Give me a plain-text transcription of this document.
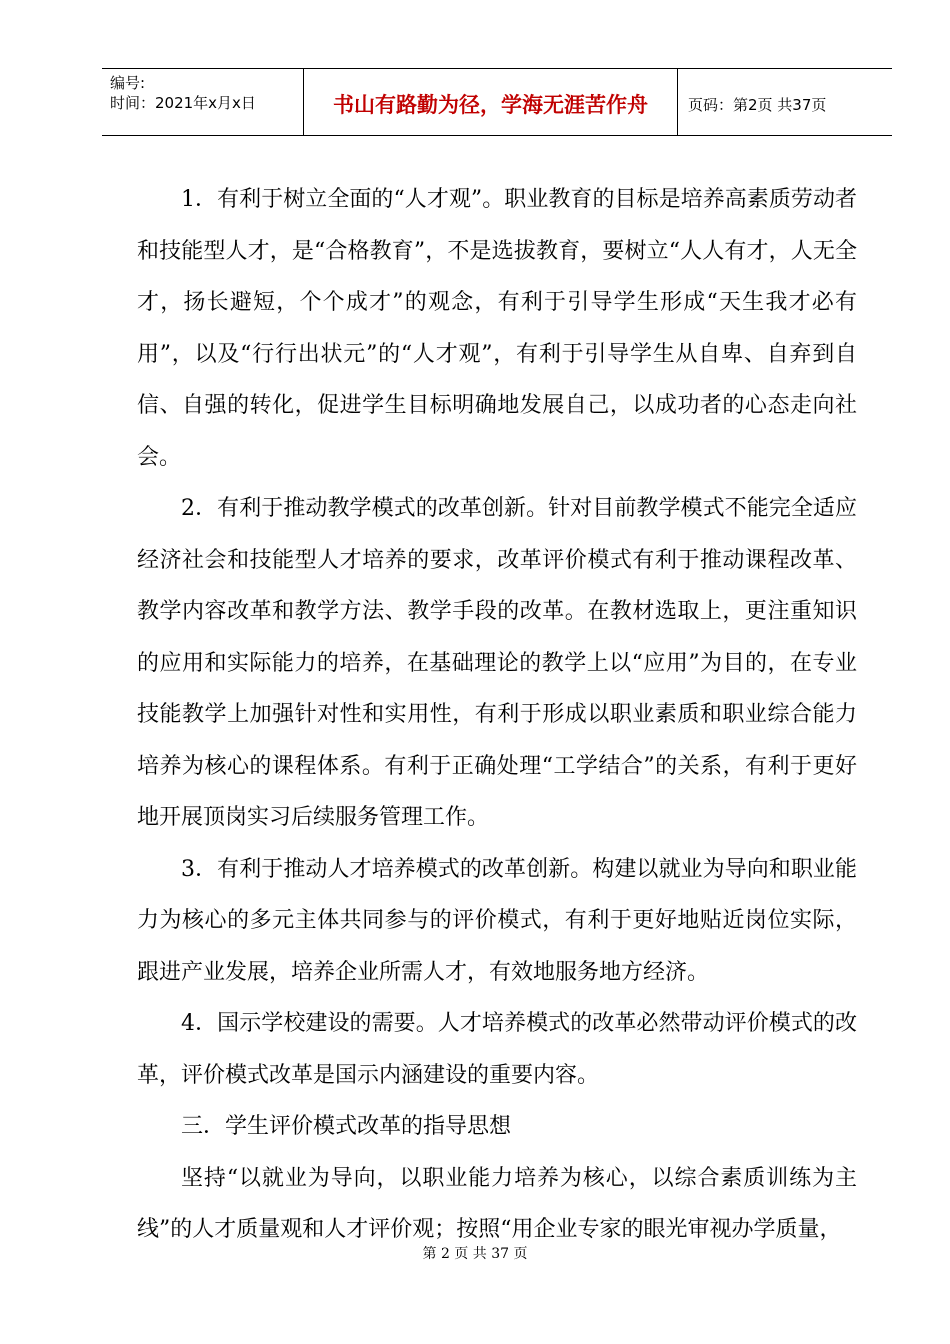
编号:
时间：2021年x月x日	书山有路勤为径，学海无涯苦作舟	页码：第2页 共37页

1．有利于树立全面的“人才观”。职业教育的目标是培养高素质劳动者和技能型人才，是“合格教育”，不是选拔教育，要树立“人人有才，人无全才，扬长避短，个个成才”的观念，有利于引导学生形成“天生我才必有用”，以及“行行出状元”的“人才观”，有利于引导学生从自卑、自弃到自信、自强的转化，促进学生目标明确地发展自己，以成功者的心态走向社会。

2．有利于推动教学模式的改革创新。针对目前教学模式不能完全适应经济社会和技能型人才培养的要求，改革评价模式有利于推动课程改革、教学内容改革和教学方法、教学手段的改革。在教材选取上，更注重知识的应用和实际能力的培养，在基础理论的教学上以“应用”为目的，在专业技能教学上加强针对性和实用性，有利于形成以职业素质和职业综合能力培养为核心的课程体系。有利于正确处理“工学结合”的关系，有利于更好地开展顶岗实习后续服务管理工作。

3．有利于推动人才培养模式的改革创新。构建以就业为导向和职业能力为核心的多元主体共同参与的评价模式，有利于更好地贴近岗位实际，跟进产业发展，培养企业所需人才，有效地服务地方经济。

4．国示学校建设的需要。人才培养模式的改革必然带动评价模式的改革，评价模式改革是国示内涵建设的重要内容。

三．学生评价模式改革的指导思想

坚持“以就业为导向，以职业能力培养为核心，以综合素质训练为主线”的人才质量观和人才评价观；按照“用企业专家的眼光审视办学质量，

第 2 页 共 37 页
